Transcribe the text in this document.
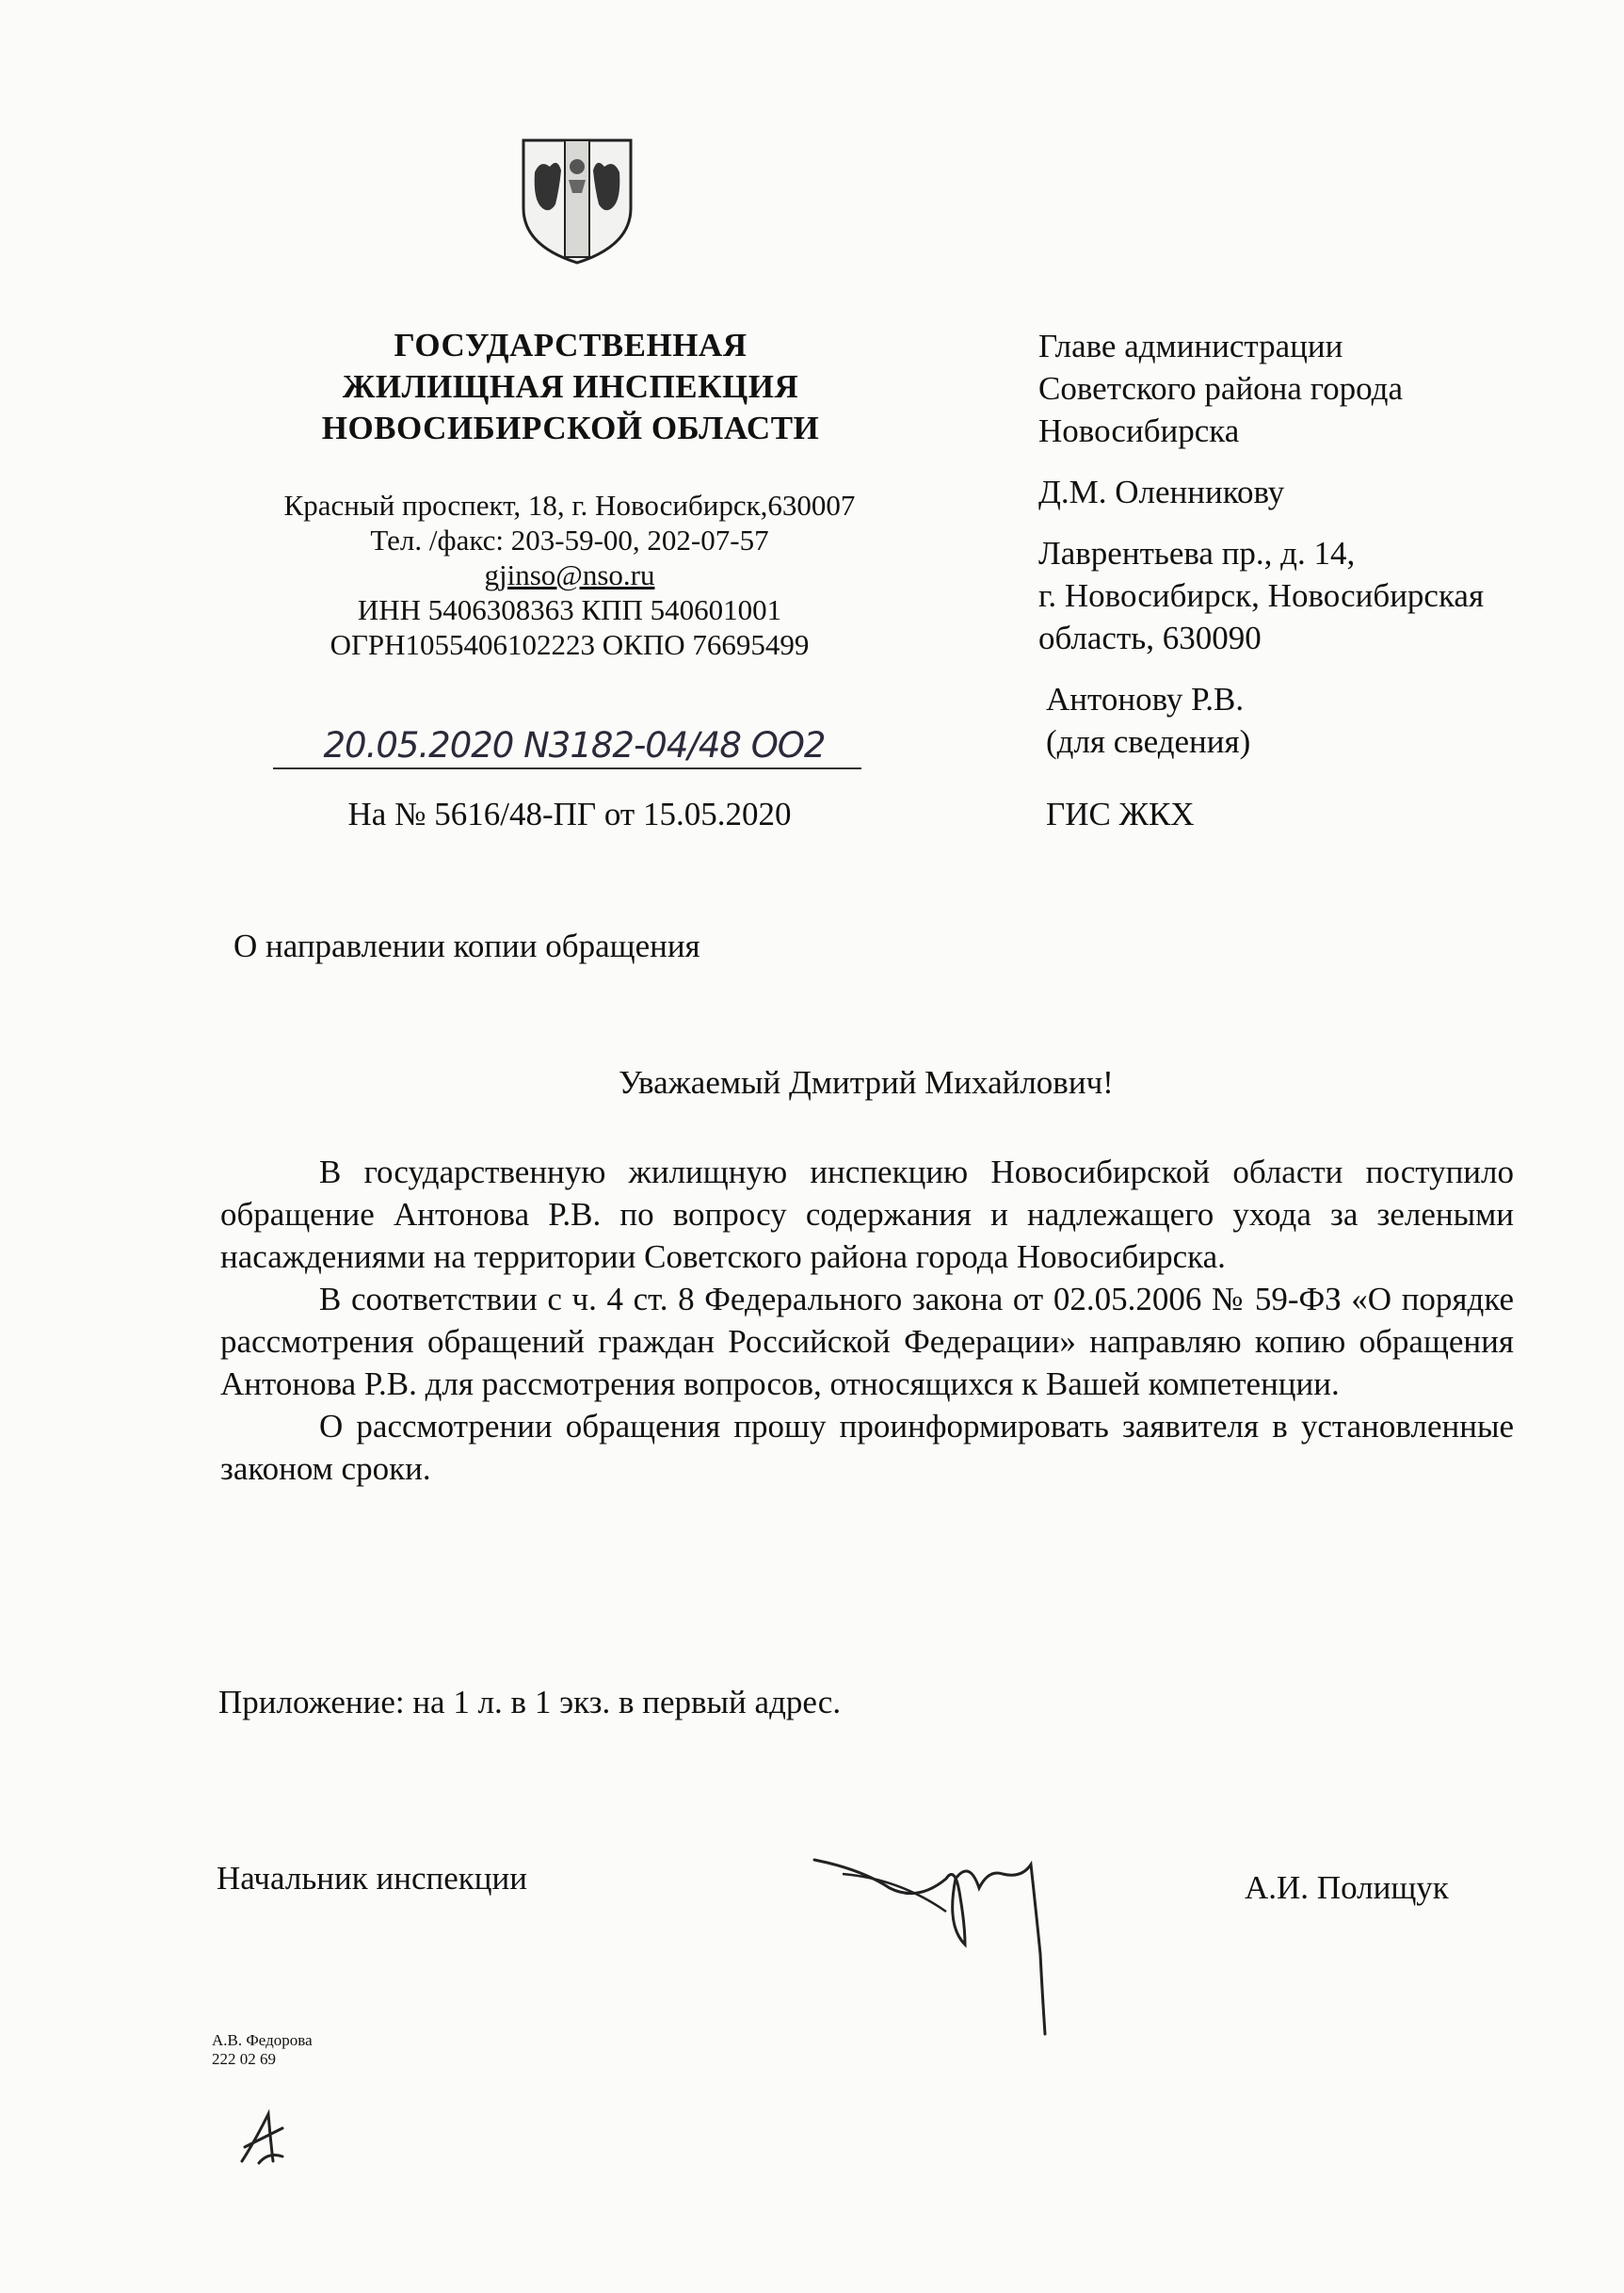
ГОСУДАРСТВЕННАЯ
ЖИЛИЩНАЯ ИНСПЕКЦИЯ
НОВОСИБИРСКОЙ ОБЛАСТИ
Красный проспект, 18, г. Новосибирск,630007
Тел. /факс: 203-59-00, 202-07-57
gjinso@nso.ru
ИНН 5406308363 КПП 540601001
ОГРН1055406102223 ОКПО 76695499
20.05.2020 N3182-04/48 ОО2
На № 5616/48-ПГ от 15.05.2020
Главе администрации
Советского района города
Новосибирска
Д.М. Оленникову
Лаврентьева пр., д. 14,
г. Новосибирск, Новосибирская
область, 630090
Антонову Р.В.
(для сведения)
ГИС ЖКХ
О направлении копии обращения
Уважаемый Дмитрий Михайлович!

В государственную жилищную инспекцию Новосибирской области поступило обращение Антонова Р.В. по вопросу содержания и надлежащего ухода за зелеными насаждениями на территории Советского района города Новосибирска.

В соответствии с ч. 4 ст. 8 Федерального закона от 02.05.2006 № 59-ФЗ «О порядке рассмотрения обращений граждан Российской Федерации» направляю копию обращения Антонова Р.В. для рассмотрения вопросов, относящихся к Вашей компетенции.

О рассмотрении обращения прошу проинформировать заявителя в установленные законом сроки.

Приложение: на 1 л. в 1 экз. в первый адрес.
Начальник инспекции	А.И. Полищук
А.В. Федорова
222 02 69
